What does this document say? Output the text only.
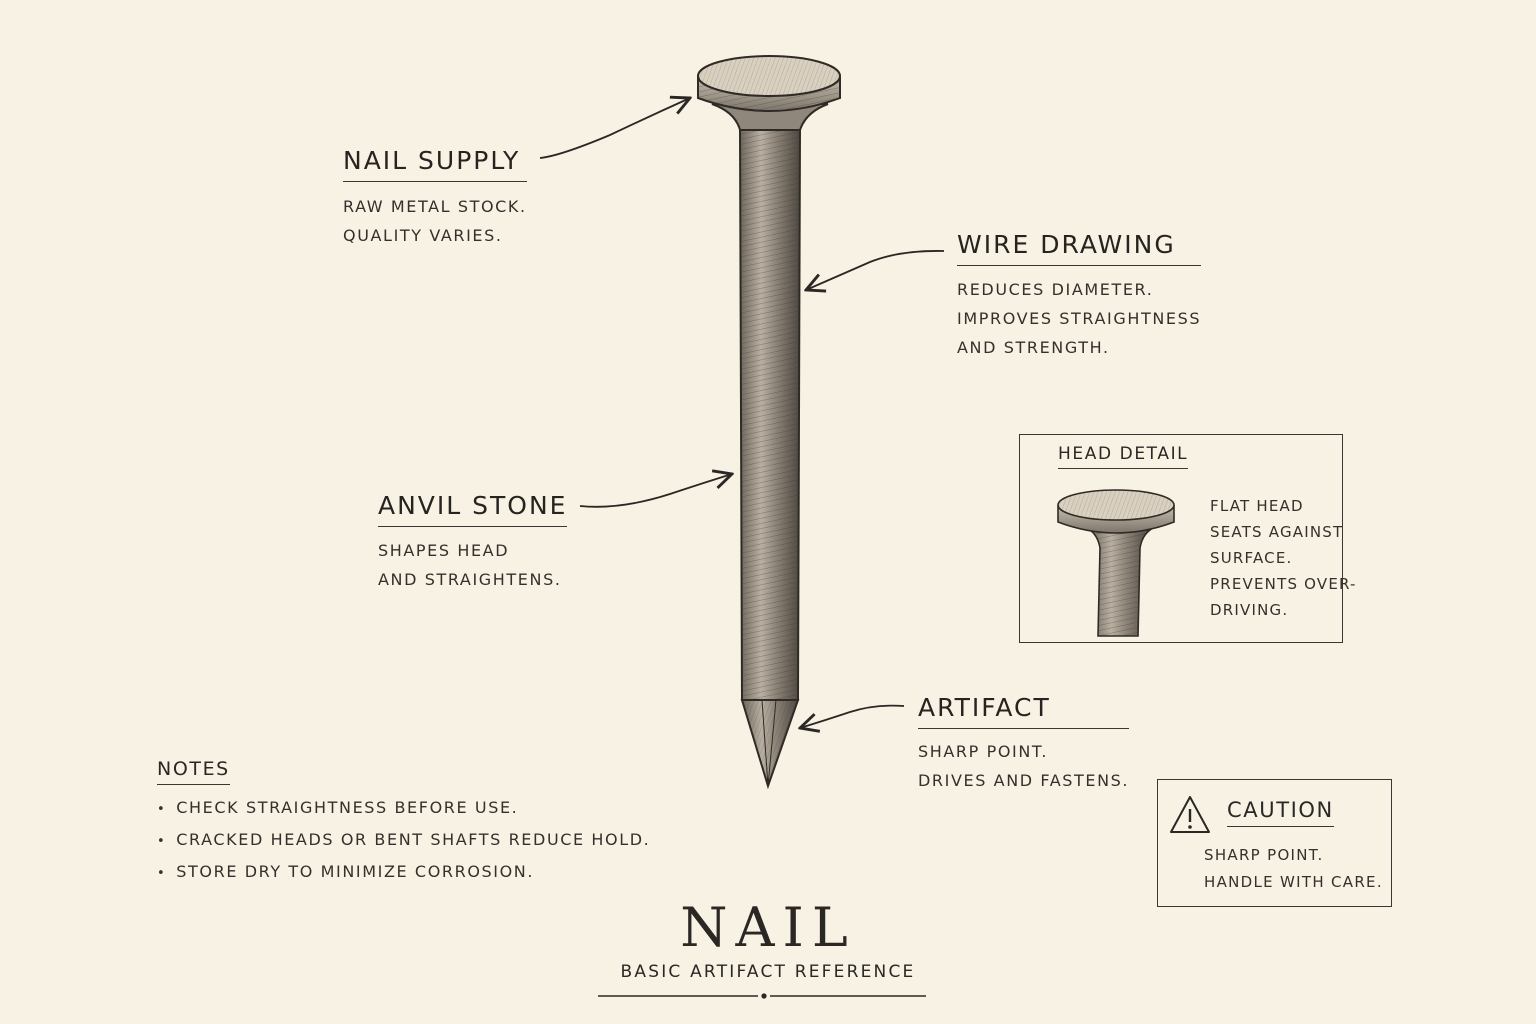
NAIL SUPPLY
RAW METAL STOCK.
QUALITY VARIES.	WIRE DRAWING
REDUCES DIAMETER.
IMPROVES STRAIGHTNESS
AND STRENGTH.
ANVIL STONE
SHAPES HEAD
AND STRAIGHTENS.
ARTIFACT
SHARP POINT.
DRIVES AND FASTENS.
HEAD DETAIL
FLAT HEAD
SEATS AGAINST
SURFACE.
PREVENTS OVER-
DRIVING.
CAUTION
SHARP POINT.
HANDLE WITH CARE.
NOTES
• CHECK STRAIGHTNESS BEFORE USE.
• CRACKED HEADS OR BENT SHAFTS REDUCE HOLD.
• STORE DRY TO MINIMIZE CORROSION.
NAIL
BASIC ARTIFACT REFERENCE
